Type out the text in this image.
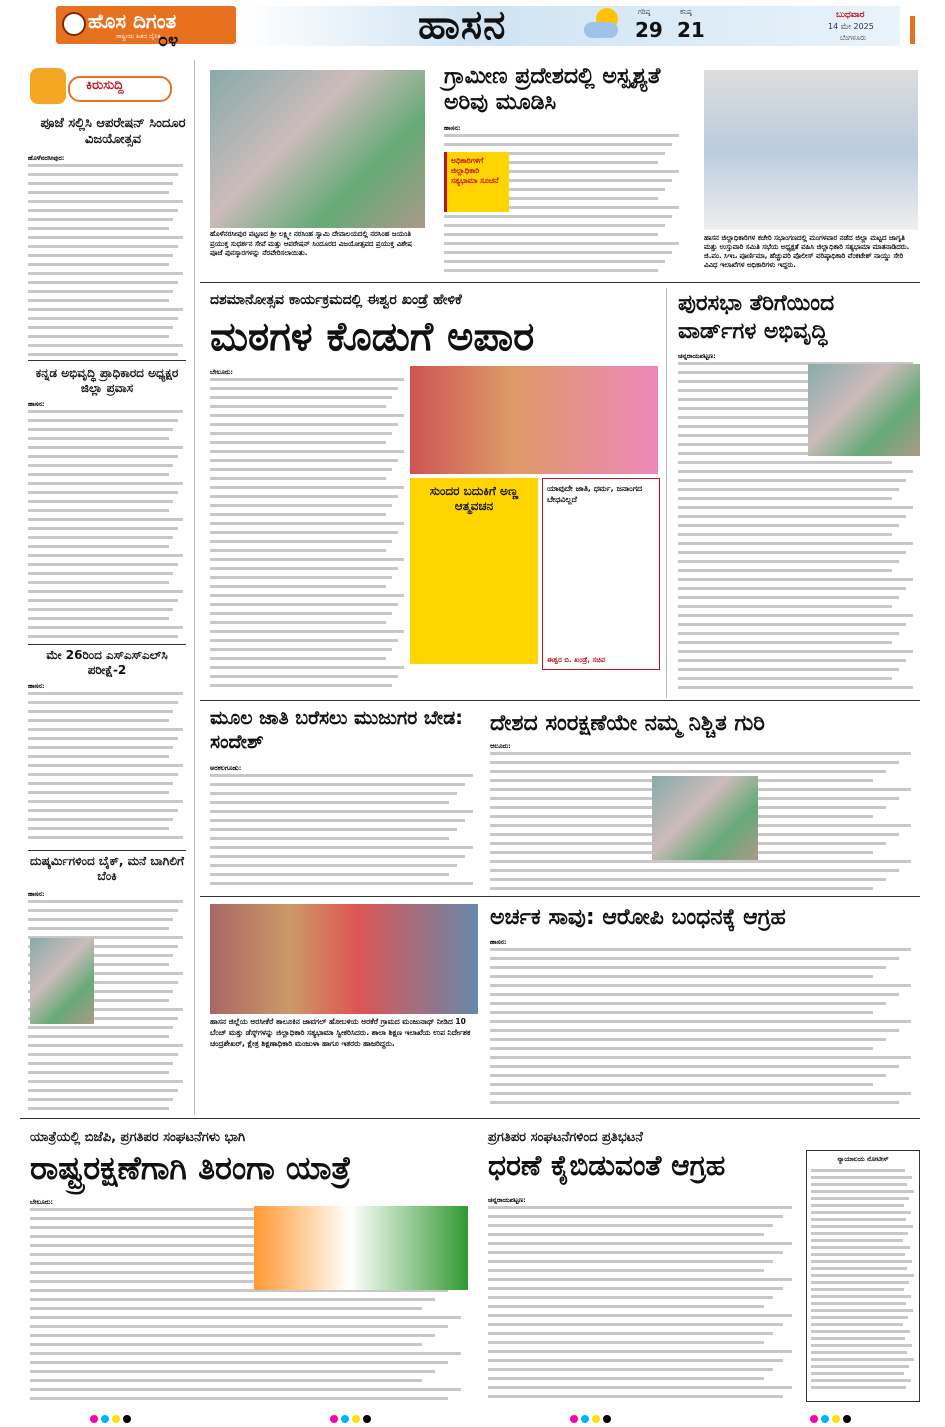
ಹೊಸ ದಿಗಂತ
ರಾಷ್ಟ್ರೀಯ ಹಿತದ ದೈನಿಕ
೦೪	ಹಾಸನ	ಗರಿಷ್ಠ
29
ಕನಿಷ್ಠ
21
ಬುಧವಾರ
14 ಮೇ 2025
ಬೆಂಗಳೂರು
ಕಿರುಸುದ್ದಿ
ಪೂಜೆ ಸಲ್ಲಿಸಿ ಆಪರೇಷನ್ ಸಿಂದೂರ ವಿಜಯೋತ್ಸವ
ಹೊಳೆನರಸೀಪುರ:
ಕನ್ನಡ ಅಭಿವೃದ್ಧಿ ಪ್ರಾಧಿಕಾರದ ಅಧ್ಯಕ್ಷರ ಜಿಲ್ಲಾ ಪ್ರವಾಸ
ಹಾಸನ:
ಮೇ 26ರಿಂದ ಎಸ್‌ಎಸ್‌ಎಲ್‌ಸಿ ಪರೀಕ್ಷೆ-2
ಹಾಸನ:
ದುಷ್ಕರ್ಮಿಗಳಿಂದ ಬೈಕ್, ಮನೆ ಬಾಗಿಲಿಗೆ ಬೆಂಕಿ
ಹಾಸನ:
ಹೊಳೆನರಸೀಪುರ ಪಟ್ಟಣದ ಶ್ರೀ ಲಕ್ಷ್ಮೀ ನರಸಿಂಹ ಸ್ವಾಮಿ ದೇವಾಲಯದಲ್ಲಿ ನರಸಿಂಹ ಜಯಂತಿ ಪ್ರಯುಕ್ತ ಸುಧರ್ಶನ ಸೇವೆ ಮತ್ತು ಆಪರೇಷನ್ ಸಿಂದೂರದ ವಿಜಯೋತ್ಸವದ ಪ್ರಯುಕ್ತ ವಿಶೇಷ ಪೂಜೆ ಪುನಸ್ಕಾರಗಳನ್ನು ನೆರವೇರಿಸಲಾಯಿತು.
ಗ್ರಾಮೀಣ ಪ್ರದೇಶದಲ್ಲಿ ಅಸ್ಪೃಶ್ಯತೆ ಅರಿವು ಮೂಡಿಸಿ
ಹಾಸನ:
ಅಧಿಕಾರಿಗಳಿಗೆ ಜಿಲ್ಲಾಧಿಕಾರಿ ಸತ್ಯಭಾಮಾ ಸೂಚನೆ
ಹಾಸನ ಜಿಲ್ಲಾಧಿಕಾರಿಗಳ ಕಚೇರಿ ಸಭಾಂಗಣದಲ್ಲಿ ಮಂಗಳವಾರ ನಡೆದ ಜಿಲ್ಲಾ ಮಟ್ಟದ ಜಾಗೃತಿ ಮತ್ತು ಉಸ್ತುವಾರಿ ಸಮಿತಿ ಸಭೆಯ ಅಧ್ಯಕ್ಷತೆ ವಹಿಸಿ ಜಿಲ್ಲಾಧಿಕಾರಿ ಸತ್ಯಭಾಮಾ ಮಾತನಾಡಿದರು. ಜಿ.ಪಂ. ಸಿಇಒ ಪೂರ್ಣಿಮಾ, ಹೆಚ್ಚುವರಿ ಪೊಲೀಸ್ ವರಿಷ್ಠಾಧಿಕಾರಿ ವೆಂಕಟೇಶ್ ನಾಯ್ಡು ಸೇರಿ ವಿವಿಧ ಇಲಾಖೆಗಳ ಅಧಿಕಾರಿಗಳು ಇದ್ದರು.
ದಶಮಾನೋತ್ಸವ ಕಾರ್ಯಕ್ರಮದಲ್ಲಿ ಈಶ್ವರ ಖಂಡ್ರೆ ಹೇಳಿಕೆ
ಮಠಗಳ ಕೊಡುಗೆ ಅಪಾರ
ಬೇಲೂರು:
ಸುಂದರ ಬದುಕಿಗೆ ಅಣ್ಣ ಆತ್ಮವಚನ
ಯಾವುದೇ ಜಾತಿ, ಧರ್ಮ, ಜನಾಂಗದ ಬೇಧವಿಲ್ಲದೆ
ಈಶ್ವರ ಬಿ. ಖಂಡ್ರೆ, ಸಚಿವ
ಪುರಸಭಾ ತೆರಿಗೆಯಿಂದ ವಾರ್ಡ್‌ಗಳ ಅಭಿವೃದ್ಧಿ
ಚನ್ನರಾಯಪಟ್ಟಣ:
ಮೂಲ ಜಾತಿ ಬರೆಸಲು ಮುಜುಗರ ಬೇಡ: ಸಂದೇಶ್
ಅರಕಲಗೂಡು:
ದೇಶದ ಸಂರಕ್ಷಣೆಯೇ ನಮ್ಮ ನಿಶ್ಚಿತ ಗುರಿ
ಆಲೂರು:
ಹಾಸನ ಜಿಲ್ಲೆಯ ಅರಸೀಕೆರೆ ತಾಲೂಕಿನ ಜಾವಗಲ್ ಹೋಬಳಿಯ ಅರಕೆರೆ ಗ್ರಾಮದ ಮಂಜುನಾಥ್ ನೀಡಿದ 10 ಬೆಂಚ್ ಮತ್ತು ಡೆಸ್ಕ್‌ಗಳನ್ನು ಜಿಲ್ಲಾಧಿಕಾರಿ ಸತ್ಯಭಾಮಾ ಸ್ವೀಕರಿಸಿದರು. ಶಾಲಾ ಶಿಕ್ಷಣ ಇಲಾಖೆಯ ಉಪ ನಿರ್ದೇಶಕ ಚಂದ್ರಶೇಖರ್, ಕ್ಷೇತ್ರ ಶಿಕ್ಷಣಾಧಿಕಾರಿ ಮಂಜುಳಾ ಹಾಗೂ ಇತರರು ಹಾಜರಿದ್ದರು.
ಅರ್ಚಕ ಸಾವು: ಆರೋಪಿ ಬಂಧನಕ್ಕೆ ಆಗ್ರಹ
ಹಾಸನ:
ಯಾತ್ರೆಯಲ್ಲಿ ಬಿಜೆಪಿ, ಪ್ರಗತಿಪರ ಸಂಘಟನೆಗಳು ಭಾಗಿ
ರಾಷ್ಟ್ರರಕ್ಷಣೆಗಾಗಿ ತಿರಂಗಾ ಯಾತ್ರೆ
ಬೇಲೂರು:
ಪ್ರಗತಿಪರ ಸಂಘಟನೆಗಳಿಂದ ಪ್ರತಿಭಟನೆ
ಧರಣೆ ಕೈಬಿಡುವಂತೆ ಆಗ್ರಹ
ಚನ್ನರಾಯಪಟ್ಟಣ:
ನ್ಯಾಯಾಲಯ ನೋಟೀಸ್
